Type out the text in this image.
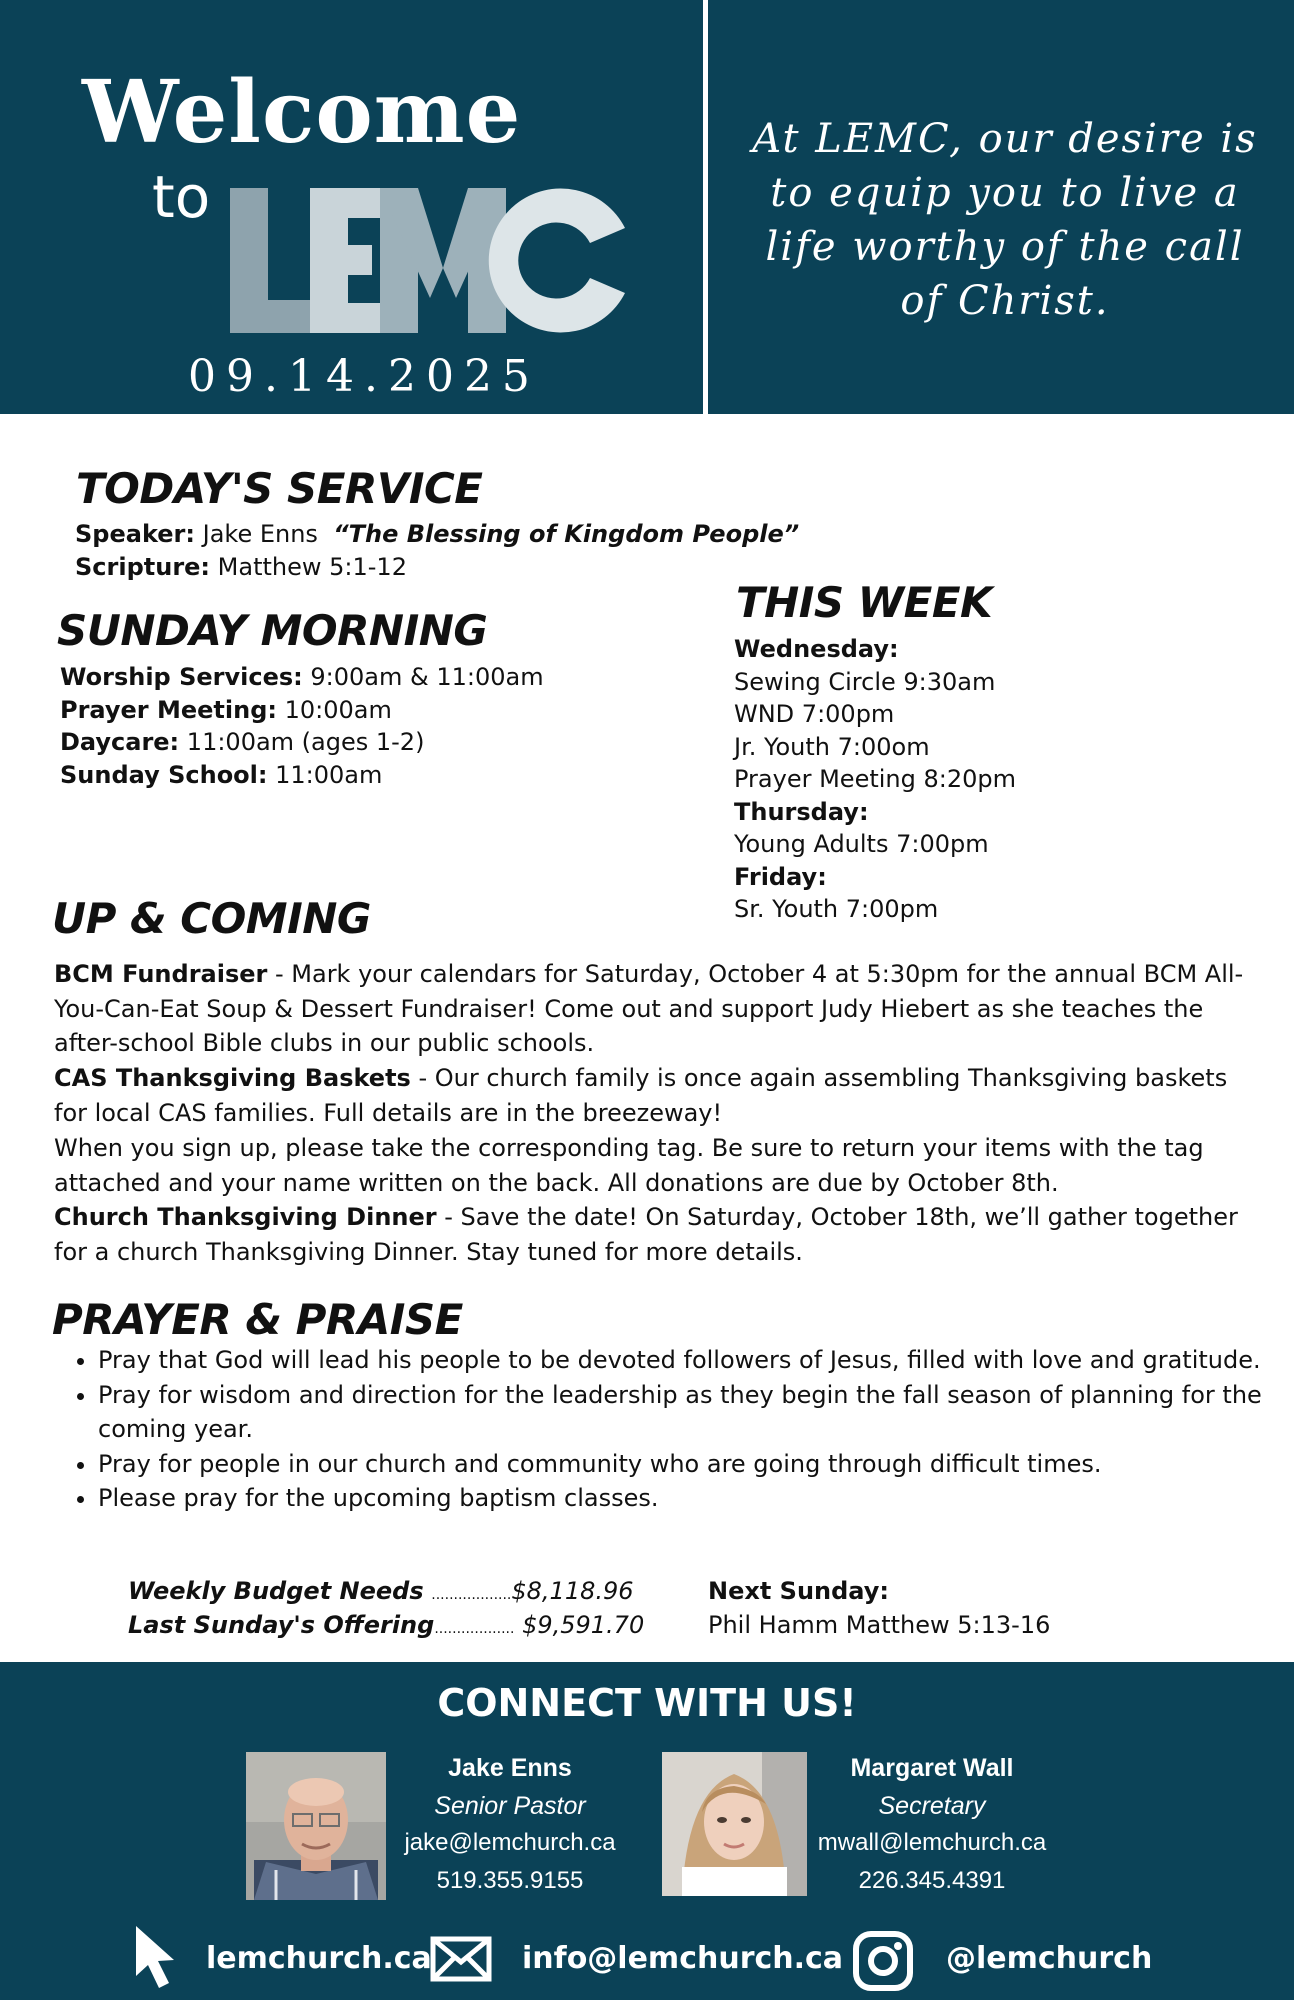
Welcome
to
09.14.2025
At LEMC, our desire is to equip you to live a life worthy of the call of Christ.
TODAY'S SERVICE
Speaker: Jake Enns “The Blessing of Kingdom People”
Scripture: Matthew 5:1-12
SUNDAY MORNING
Worship Services: 9:00am & 11:00am
Prayer Meeting: 10:00am
Daycare: 11:00am (ages 1-2)
Sunday School: 11:00am
THIS WEEK
Wednesday:
Sewing Circle 9:30am
WND 7:00pm
Jr. Youth 7:00om
Prayer Meeting 8:20pm
Thursday:
Young Adults 7:00pm
Friday:
Sr. Youth 7:00pm
UP & COMING
BCM Fundraiser - Mark your calendars for Saturday, October 4 at 5:30pm for the annual BCM All-You-Can-Eat Soup & Dessert Fundraiser! Come out and support Judy Hiebert as she teaches the after-school Bible clubs in our public schools.
CAS Thanksgiving Baskets - Our church family is once again assembling Thanksgiving baskets for local CAS families. Full details are in the breezeway!
When you sign up, please take the corresponding tag. Be sure to return your items with the tag attached and your name written on the back. All donations are due by October 8th.
Church Thanksgiving Dinner - Save the date! On Saturday, October 18th, we’ll gather together for a church Thanksgiving Dinner. Stay tuned for more details.
PRAYER & PRAISE
• Pray that God will lead his people to be devoted followers of Jesus, filled with love and gratitude.
• Pray for wisdom and direction for the leadership as they begin the fall season of planning for the coming year.
• Pray for people in our church and community who are going through difficult times.
• Please pray for the upcoming baptism classes.
Weekly Budget Needs ..................$8,118.96
Last Sunday's Offering.................. $9,591.70
Next Sunday:
Phil Hamm Matthew 5:13-16
CONNECT WITH US!
Jake Enns
Senior Pastor
jake@lemchurch.ca
519.355.9155
Margaret Wall
Secretary
mwall@lemchurch.ca
226.345.4391
lemchurch.ca	info@lemchurch.ca	@lemchurch
